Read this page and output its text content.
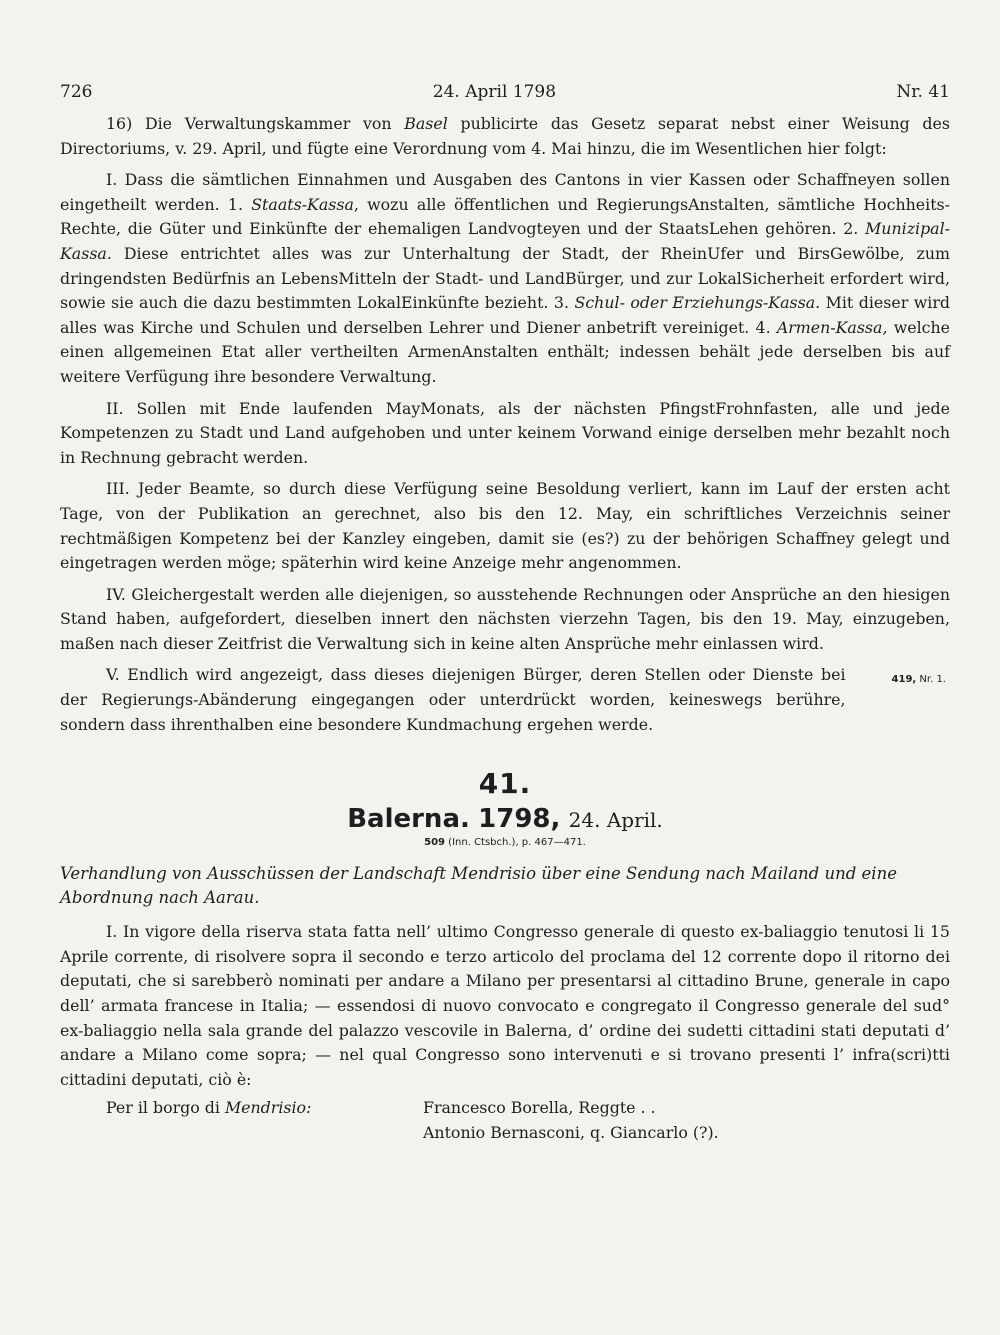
726	24. April 1798	Nr. 41

16) Die Verwaltungskammer von Basel publicirte das Gesetz separat nebst einer Weisung des Directoriums, v. 29. April, und fügte eine Verordnung vom 4. Mai hinzu, die im Wesentlichen hier folgt:

I. Dass die sämtlichen Einnahmen und Ausgaben des Cantons in vier Kassen oder Schaffneyen sollen eingetheilt werden. 1. Staats-Kassa, wozu alle öffentlichen und RegierungsAnstalten, sämtliche Hochheits-Rechte, die Güter und Einkünfte der ehemaligen Landvogteyen und der StaatsLehen gehören. 2. Munizipal-Kassa. Diese entrichtet alles was zur Unterhaltung der Stadt, der RheinUfer und BirsGewölbe, zum dringendsten Bedürfnis an LebensMitteln der Stadt- und LandBürger, und zur LokalSicherheit erfordert wird, sowie sie auch die dazu bestimmten LokalEinkünfte bezieht. 3. Schul- oder Erziehungs-Kassa. Mit dieser wird alles was Kirche und Schulen und derselben Lehrer und Diener anbetrift vereiniget. 4. Armen-Kassa, welche einen allgemeinen Etat aller vertheilten ArmenAnstalten enthält; indessen behält jede derselben bis auf weitere Verfügung ihre besondere Verwaltung.

II. Sollen mit Ende laufenden MayMonats, als der nächsten PfingstFrohnfasten, alle und jede Kompetenzen zu Stadt und Land aufgehoben und unter keinem Vorwand einige derselben mehr bezahlt noch in Rechnung gebracht werden.

III. Jeder Beamte, so durch diese Verfügung seine Besoldung verliert, kann im Lauf der ersten acht Tage, von der Publikation an gerechnet, also bis den 12. May, ein schriftliches Verzeichnis seiner rechtmäßigen Kompetenz bei der Kanzley eingeben, damit sie (es?) zu der behörigen Schaffney gelegt und eingetragen werden möge; späterhin wird keine Anzeige mehr angenommen.

IV. Gleichergestalt werden alle diejenigen, so ausstehende Rechnungen oder Ansprüche an den hiesigen Stand haben, aufgefordert, dieselben innert den nächsten vierzehn Tagen, bis den 19. May, einzugeben, maßen nach dieser Zeitfrist die Verwaltung sich in keine alten Ansprüche mehr einlassen wird.

419, Nr. 1.
V. Endlich wird angezeigt, dass dieses diejenigen Bürger, deren Stellen oder Dienste bei der Regierungs-Abänderung eingegangen oder unterdrückt worden, keineswegs berühre, sondern dass ihrenthalben eine besondere Kundmachung ergehen werde.

41.
Balerna. 1798, 24. April.
509 (Inn. Ctsbch.), p. 467—471.
Verhandlung von Ausschüssen der Landschaft Mendrisio über eine Sendung nach Mailand und eine Abordnung nach Aarau.

I. In vigore della riserva stata fatta nell’ ultimo Congresso generale di questo ex-baliaggio tenutosi li 15 Aprile corrente, di risolvere sopra il secondo e terzo articolo del proclama del 12 corrente dopo il ritorno dei deputati, che si sarebberò nominati per andare a Milano per presentarsi al cittadino Brune, generale in capo dell’ armata francese in Italia; — essendosi di nuovo convocato e congregato il Congresso generale del sud° ex-baliaggio nella sala grande del palazzo vescovile in Balerna, d’ ordine dei sudetti cittadini stati deputati d’ andare a Milano come sopra; — nel qual Congresso sono intervenuti e si trovano presenti l’ infra(scri)tti cittadini deputati, ciò è:

Per il borgo di Mendrisio:	Francesco Borella, Reggte . .
Antonio Bernasconi, q. Giancarlo (?).
